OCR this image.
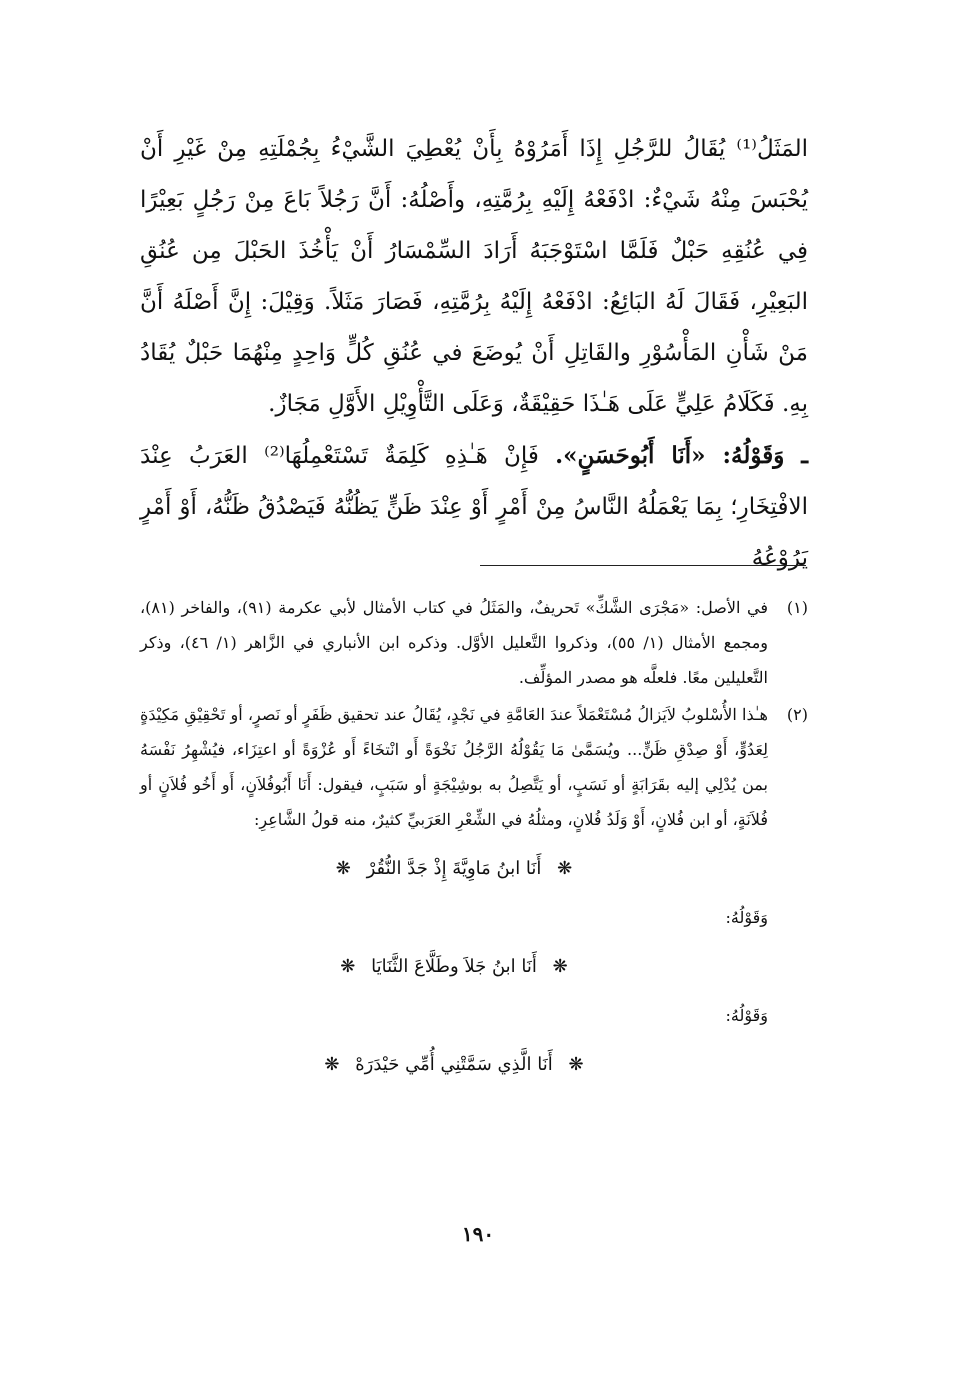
المَثَلُ⁽¹⁾ يُقَالُ للرَّجُلِ إِذَا أَمَرُوْهُ بِأَنْ يُعْطِيَ الشَّيْءُ بِجُمْلَتِهِ مِنْ غَيْرِ أَنْ يُحْبَسَ مِنْهُ شَيْءٌ: ادْفَعْهُ إِلَيْهِ بِرُمَّتِهِ، وأَصْلُهُ: أَنَّ رَجُلاً بَاعَ مِنْ رَجُلٍ بَعِيْرًا فِي عُنُقِهِ حَبْلٌ فَلَمَّا اسْتَوْجَبَهُ أَرَادَ السِّمْسَارُ أَنْ يَأْخُذَ الحَبْلَ مِن عُنُقِ البَعِيْرِ، فَقَالَ لَهُ البَائِعُ: ادْفَعْهُ إِلَيْهُ بِرُمَّتِهِ، فَصَارَ مَثَلاً. وَقِيْلَ: إِنَّ أَصْلَهُ أَنَّ مَنْ شَأْنِ المَأْسُوْرِ والقَاتِلِ أَنْ يُوضَعَ في عُنُقِ كُلٍّ وَاحِدٍ مِنْهُمَا حَبْلٌ يُقَادُ بِهِ. فَكَلَامُ عَلِيٍّ عَلَى هَـٰذَا حَقِيْقَةٌ، وَعَلَى التَّأْوِيْلِ الأَوَّلِ مَجَازٌ.

ـ وَقَوْلُهُ: «أَنَا أَبُوحَسَنٍ». فَإِنْ هَـٰذِهِ كَلِمَةٌ تَسْتَعْمِلُهَا⁽²⁾ العَرَبُ عِنْدَ الافْتِخَارِ؛ بِمَا يَعْمَلُهُ النَّاسُ مِنْ أَمْرٍ أَوْ عِنْدَ ظَنٍّ يَظُنُّهُ فَيَصْدُقُ ظَنُّهُ، أَوْ أَمْرٍ يَرُوْعُهُ

(١)
في الأصل: «مَجْرَى الشَّكِّ» تَحريفٌ، والمَثَلُ في كتاب الأمثال لأبي عكرمة (٩١)، والفاخر (٨١)، ومجمع الأمثال (١/ ٥٥)، وذكروا التَّعليل الأوَّل. وذكره ابن الأنباري في الزَّاهر (١/ ٤٦)، وذكر التَّعليلين معًا. فلعلَّه هو مصدر المؤلِّف.
(٢)
هـٰذا الأُسْلوبُ لاَيَزالُ مُسْتَعْمَلاً عندَ العَامَّةِ في نَجْدٍ، يُقَالُ عند تحقيق ظَفَرٍ أو نَصرٍ، أو تَحْقِيْقِ مَكِيْدَةٍ لِعَدُوٍّ، أَوْ صِدْقِ ظَنٍّ... ويُسَمَّىٰ مَا يَقُوْلُهُ الرَّجُلُ نَخْوَةً أَو انْتخَاءً أَو عُزْوَةً أو اعتِزَاء، فيُشْهِرُ نَفْسَهُ بمن يُدْلِي إليه بقَرَابَةٍ أو نَسَبٍ، أو يَتَّصِلُ به بوشِيْجَةٍ أو سَبَبٍ، فيقول: أَنَا أَبُوفُلاَنٍ، أَو أَخُو فُلاَنٍ أو فُلاَنَةٍ، أو ابن فُلانٍ، أَوْ وَلَدُ فُلانٍ، ومثلُهُ في الشِّعْرِ العَرَبيِّ كثيرٌ، منه قولُ الشَّاعِرِ:
❋ أَنَا ابنُ مَاوِيَّةَ إِذْ جَدَّ النُّقُرْ ❋
وَقَوْلُهُ:
❋ أَنَا ابنُ جَلاَ وطَلَّاعَ الثَّنَايَا ❋
وَقَوْلُهُ:
❋ أَنَا الَّذِي سَمَّتْنِي أُمِّي حَيْدَرَهْ ❋
١٩٠
